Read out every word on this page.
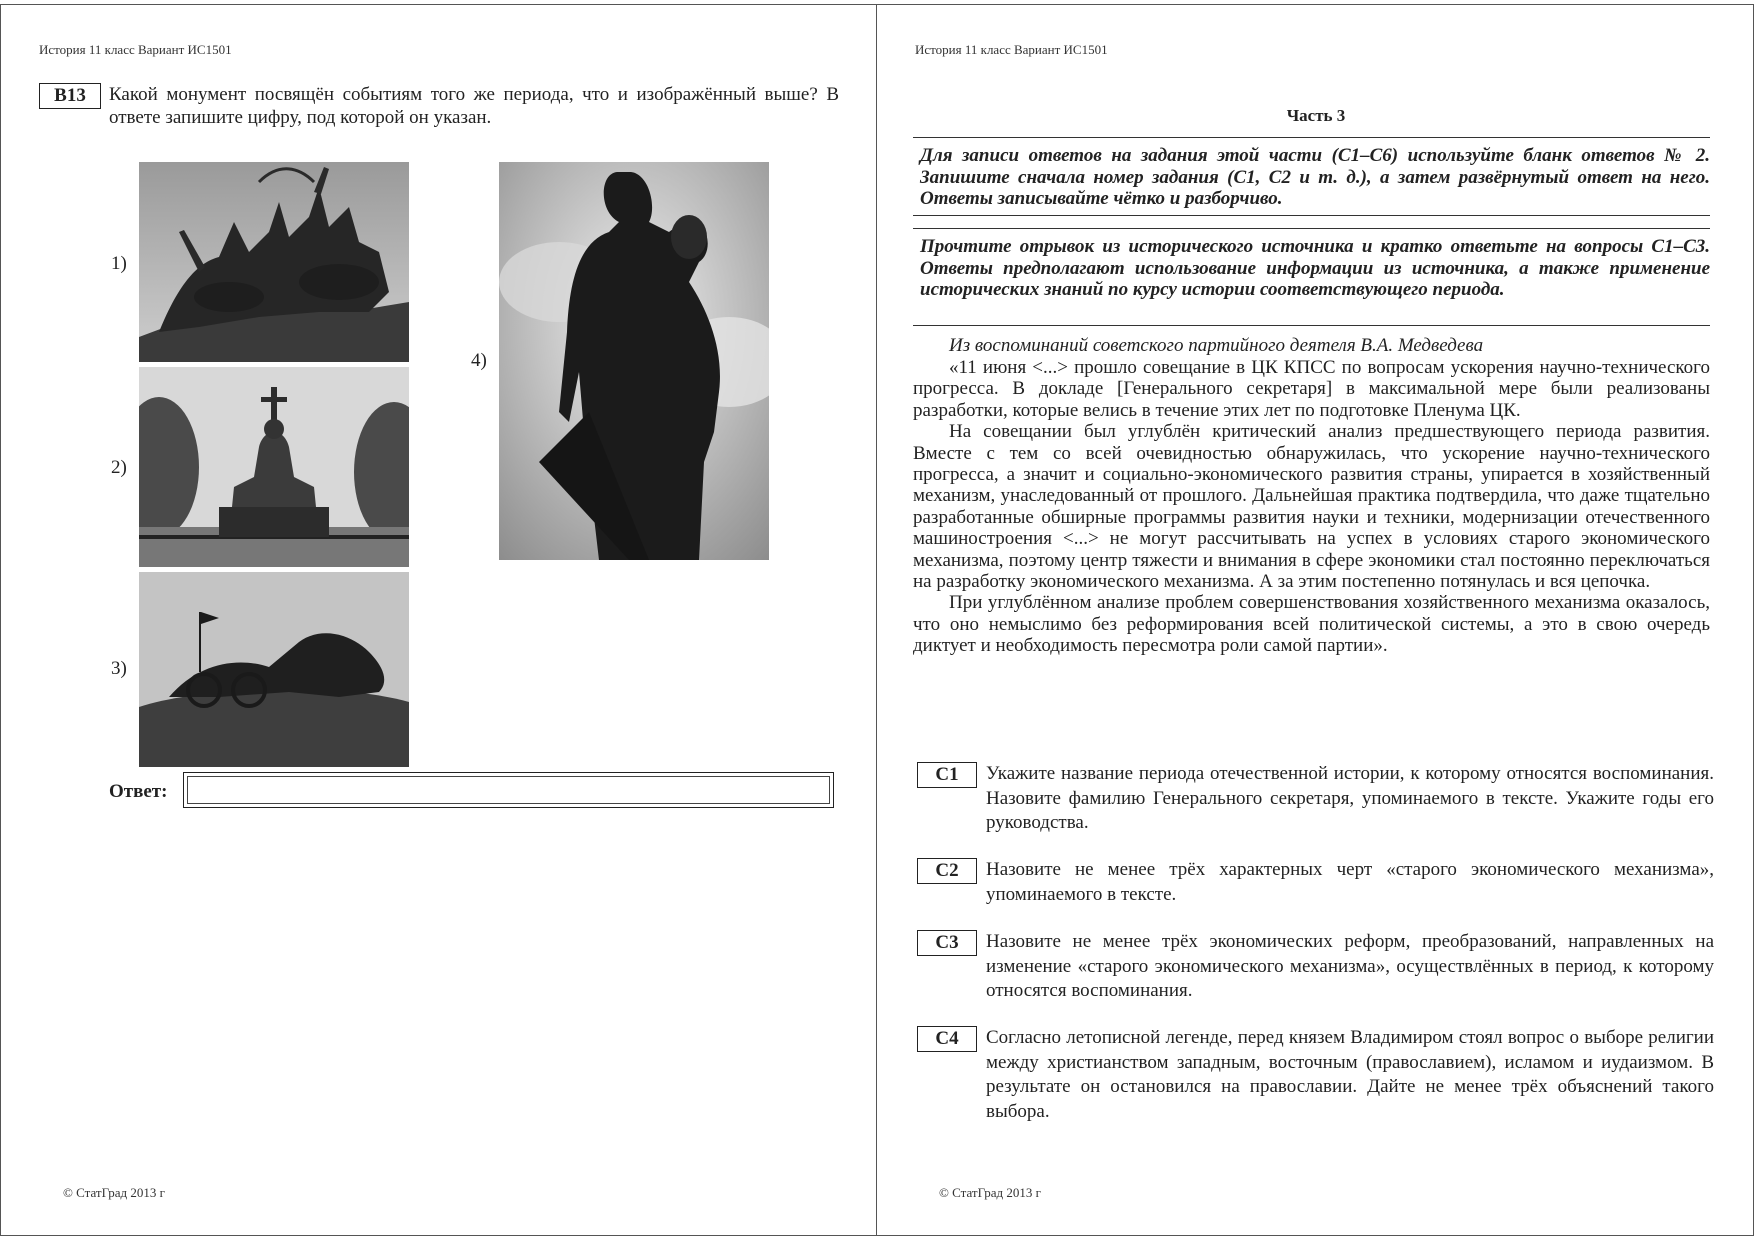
История 11 класс Вариант ИС1501
В13	Какой монумент посвящён событиям того же периода, что и изображённый выше? В ответе запишите цифру, под которой он указан.
1)
2)
3)
4)
Ответ:
© СтатГрад 2013 г
История 11 класс Вариант ИС1501
Часть 3
Для записи ответов на задания этой части (С1–С6) используйте бланк ответов № 2. Запишите сначала номер задания (С1, С2 и т. д.), а затем развёрнутый ответ на него. Ответы записывайте чётко и разборчиво.
Прочтите отрывок из исторического источника и кратко ответьте на вопросы С1–С3. Ответы предполагают использование информации из источника, а также применение исторических знаний по курсу истории соответствующего периода.
Из воспоминаний советского партийного деятеля В.А. Медведева

«11 июня <...> прошло совещание в ЦК КПСС по вопросам ускорения научно-технического прогресса. В докладе [Генерального секретаря] в максимальной мере были реализованы разработки, которые велись в течение этих лет по подготовке Пленума ЦК.

На совещании был углублён критический анализ предшествующего периода развития. Вместе с тем со всей очевидностью обнаружилась, что ускорение научно-технического прогресса, а значит и социально-экономического развития страны, упирается в хозяйственный механизм, унаследованный от прошлого. Дальнейшая практика подтвердила, что даже тщательно разработанные обширные программы развития науки и техники, модернизации отечественного машиностроения <...> не могут рассчитывать на успех в условиях старого экономического механизма, поэтому центр тяжести и внимания в сфере экономики стал постоянно переключаться на разработку экономического механизма. А за этим постепенно потянулась и вся цепочка.

При углублённом анализе проблем совершенствования хозяйственного механизма оказалось, что оно немыслимо без реформирования всей политической системы, а это в свою очередь диктует и необходимость пересмотра роли самой партии».

С1	Укажите название периода отечественной истории, к которому относятся воспоминания. Назовите фамилию Генерального секретаря, упоминаемого в тексте. Укажите годы его руководства.
С2	Назовите не менее трёх характерных черт «старого экономического механизма», упоминаемого в тексте.
С3	Назовите не менее трёх экономических реформ, преобразований, направленных на изменение «старого экономического механизма», осуществлённых в период, к которому относятся воспоминания.
С4	Согласно летописной легенде, перед князем Владимиром стоял вопрос о выборе религии между христианством западным, восточным (православием), исламом и иудаизмом. В результате он остановился на православии. Дайте не менее трёх объяснений такого выбора.
© СтатГрад 2013 г
